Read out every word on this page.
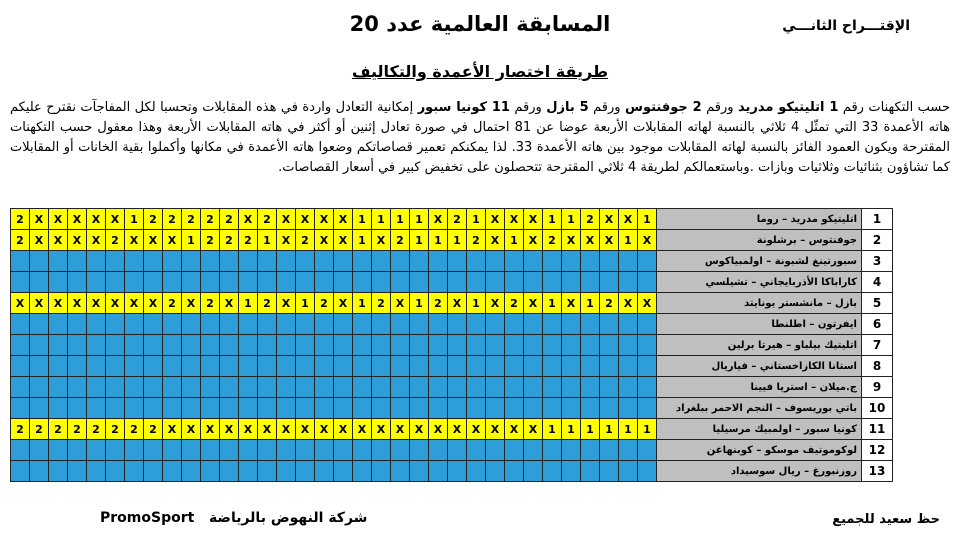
المسابقة العالمية عدد 20	الإقتـــراح الثانـــي
طريقة اختصار الأعمدة والتكاليف
حسب التكهنات رقم 1 اتليتيكو مدريد ورقم 2 جوفنتوس ورقم 5 بازل ورقم 11 كونيا سبور إمكانية التعادل واردة في هذه المقابلات وتحسبا لكل المفاجآت نقترح عليكم هاته الأعمدة 33 التي تمثّل 4 ثلاثي بالنسبة لهاته المقابلات الأربعة عوضا عن 81 احتمال في صورة تعادل إثنين أو أكثر في هاته المقابلات الأربعة وهذا معقول حسب التكهنات المقترحة ويكون العمود الفائز بالنسبة لهاته المقابلات موجود بين هاته الأعمدة 33. لذا يمكنكم تعمير قصاصاتكم وضعوا هاته الأعمدة في مكانها وأكملوا بقية الخانات أو المقابلات كما تشاؤون بثنائيات وثلاثيات وبازات .وباستعمالكم لطريقة 4 ثلاثي المقترحة تتحصلون على تخفيض كبير في أسعار القصاصات.
1	اتليتيكو مدريد – روما	1	X	X	2	1	1	X	X	X	1	2	X	1	1	1	1	X	X	X	X	2	X	2	2	2	2	2	1	X	X	X	X	X	2
2	جوفنتوس – برشلونة	X	1	X	X	X	2	X	1	X	2	1	1	1	2	X	1	X	X	2	X	1	2	2	2	1	X	X	X	2	X	X	X	X	2
3	سبورتينغ لشبونة – اولمبياكوس																																		
4	كاراباكا الأذربايجاني – تشيلسي																																		
5	بازل – مانشستر يونايتد	X	X	2	1	X	1	X	2	X	1	X	2	1	X	2	1	X	2	1	X	2	1	X	2	X	2	X	X	X	X	X	X	X	X
6	ايفرتون – اطلنطا																																		
7	اتليتيك بيلباو – هيرتا برلين																																		
8	استانا الكازاخستاني – فياريال																																		
9	ج.ميلان – استريا فيينا																																		
10	باتي بوريسوف – النجم الاحمر ببلغراد																																		
11	كونيا سبور – اولمبيك مرسيليا	1	1	1	1	1	1	X	X	X	X	X	X	X	X	X	X	X	X	X	X	X	X	X	X	X	X	2	2	2	2	2	2	2	2
12	لوكوموتيف موسكو – كوبنهاغن																																		
13	روزنبورغ – ريال سوسيداد																																		
حظ سعيد للجميع
PromoSport شركة النهوض بالرياضة
